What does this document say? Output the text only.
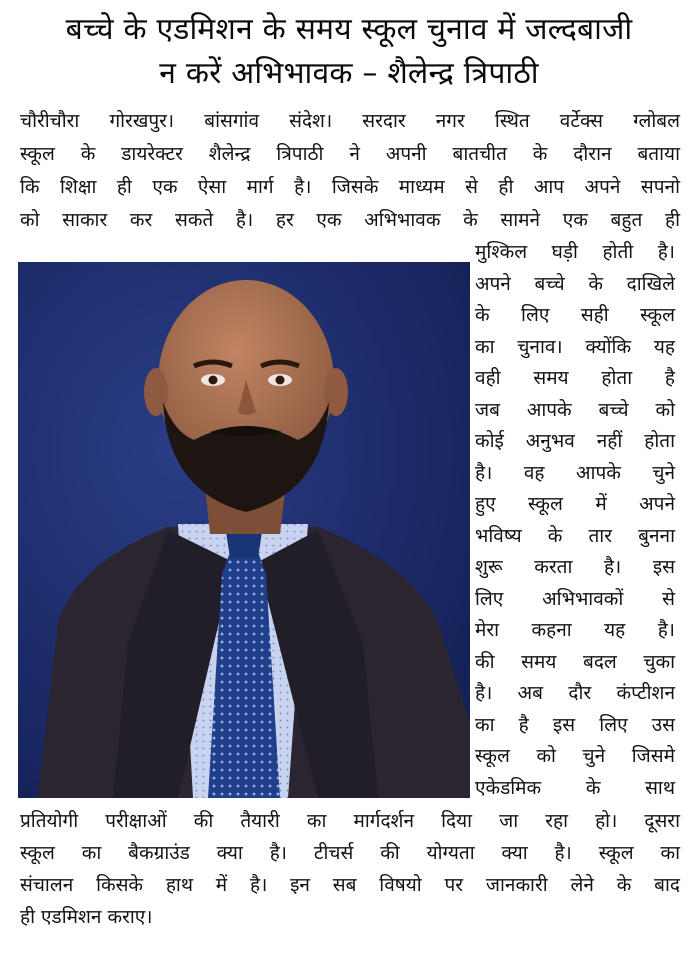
बच्चे के एडमिशन के समय स्कूल चुनाव में जल्दबाजी
न करें अभिभावक – शैलेन्द्र त्रिपाठी
चौरीचौरा गोरखपुर। बांसगांव संदेश। सरदार नगर स्थित वर्टेक्स ग्लोबल
स्कूल के डायरेक्टर शैलेन्द्र त्रिपाठी ने अपनी बातचीत के दौरान बताया
कि शिक्षा ही एक ऐसा मार्ग है। जिसके माध्यम से ही आप अपने सपनो
को साकार कर सकते है। हर एक अभिभावक के सामने एक बहुत ही
मुश्किल घड़ी होती है।
अपने बच्चे के दाखिले
के लिए सही स्कूल
का चुनाव। क्योंकि यह
वही समय होता है
जब आपके बच्चे को
कोई अनुभव नहीं होता
है। वह आपके चुने
हुए स्कूल में अपने
भविष्य के तार बुनना
शुरू करता है। इस
लिए अभिभावकों से
मेरा कहना यह है।
की समय बदल चुका
है। अब दौर कंप्टीशन
का है इस लिए उस
स्कूल को चुने जिसमे
एकेडमिक के साथ
प्रतियोगी परीक्षाओं की तैयारी का मार्गदर्शन दिया जा रहा हो। दूसरा
स्कूल का बैकग्राउंड क्या है। टीचर्स की योग्यता क्या है। स्कूल का
संचालन किसके हाथ में है। इन सब विषयो पर जानकारी लेने के बाद
ही एडमिशन कराए।
